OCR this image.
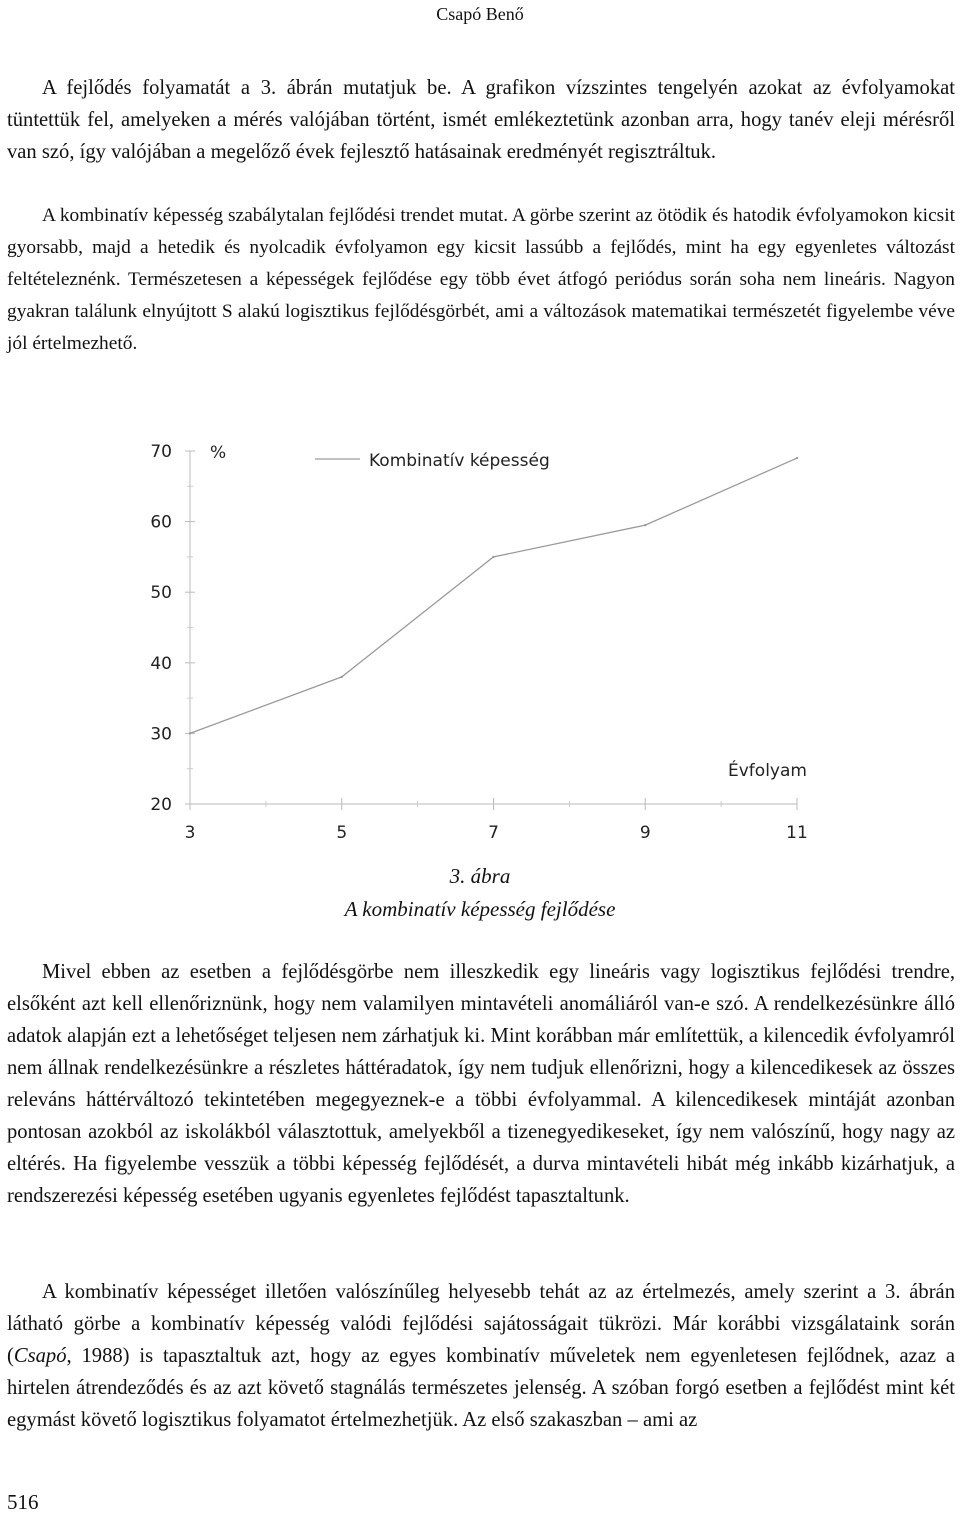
Csapó Benő

A fejlődés folyamatát a 3. ábrán mutatjuk be. A grafikon vízszintes tengelyén azokat az évfolyamokat tüntettük fel, amelyeken a mérés valójában történt, ismét emlékeztetünk azonban arra, hogy tanév eleji mérésről van szó, így valójában a megelőző évek fejlesztő hatásainak eredményét regisztráltuk.

A kombinatív képesség szabálytalan fejlődési trendet mutat. A görbe szerint az ötödik és hatodik évfolyamokon kicsit gyorsabb, majd a hetedik és nyolcadik évfolyamon egy kicsit lassúbb a fejlődés, mint ha egy egyenletes változást feltételeznénk. Természetesen a képességek fejlődése egy több évet átfogó periódus során soha nem lineáris. Nagyon gyakran találunk elnyújtott S alakú logisztikus fejlődésgörbét, ami a változások matematikai természetét figyelembe véve jól értelmezhető.

20
30
40
50
60
70
3	5	7	9	11
%	Kombinatív képesség
Évfolyam
3. ábra
A kombinatív képesség fejlődése

Mivel ebben az esetben a fejlődésgörbe nem illeszkedik egy lineáris vagy logisztikus fejlődési trendre, elsőként azt kell ellenőriznünk, hogy nem valamilyen mintavételi anomáliáról van-e szó. A rendelkezésünkre álló adatok alapján ezt a lehetőséget teljesen nem zárhatjuk ki. Mint korábban már említettük, a kilencedik évfolyamról nem állnak rendelkezésünkre a részletes háttéradatok, így nem tudjuk ellenőrizni, hogy a kilencedikesek az összes releváns háttérváltozó tekintetében megegyeznek-e a többi évfolyammal. A kilencedikesek mintáját azonban pontosan azokból az iskolákból választottuk, amelyekből a tizenegyedikeseket, így nem valószínű, hogy nagy az eltérés. Ha figyelembe vesszük a többi képesség fejlődését, a durva mintavételi hibát még inkább kizárhatjuk, a rendszerezési képesség esetében ugyanis egyenletes fejlődést tapasztaltunk.

A kombinatív képességet illetően valószínűleg helyesebb tehát az az értelmezés, amely szerint a 3. ábrán látható görbe a kombinatív képesség valódi fejlődési sajátosságait tükrözi. Már korábbi vizsgálataink során (Csapó, 1988) is tapasztaltuk azt, hogy az egyes kombinatív műveletek nem egyenletesen fejlődnek, azaz a hirtelen átrendeződés és az azt követő stagnálás természetes jelenség. A szóban forgó esetben a fejlődést mint két egymást követő logisztikus folyamatot értelmezhetjük. Az első szakaszban – ami az

516
